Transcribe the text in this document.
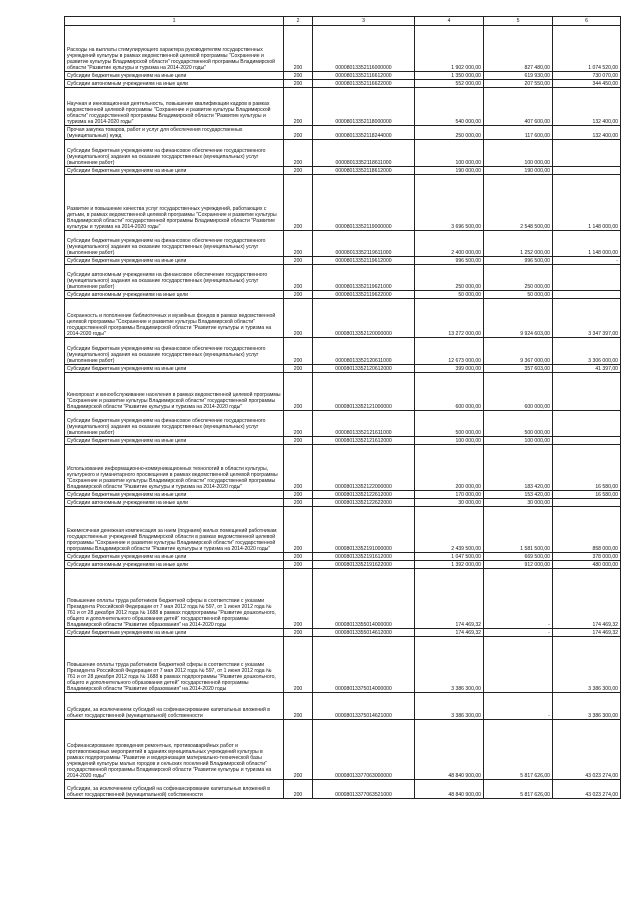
1	2	3	4	5	6
Расходы на выплаты стимулирующего характера руководителям государственных учреждений культуры в рамках ведомственной целевой программы "Сохранение и развитие культуры Владимирской области" государственной программы Владимирской области "Развитие культуры и туризма на 2014-2020 годы"	200	00008013352116000000	1 902 000,00	827 480,00	1 074 520,00
Субсидии бюджетным учреждениям на иные цели	200	00008013352116612000	1 350 000,00	619 930,00	730 070,00
Субсидии автономным учреждениям на иные цели	200	00008013352116622000	552 000,00	207 550,00	344 450,00
Научная и инновационная деятельность, повышение квалификации кадров в рамках ведомственной целевой программы "Сохранение и развитие культуры Владимирской области" государственной программы Владимирской области "Развитие культуры и туризма на 2014-2020 годы"	200	00008013352118000000	540 000,00	407 600,00	132 400,00
Прочая закупка товаров, работ и услуг для обеспечения государственных (муниципальных) нужд	200	00008013352118244000	250 000,00	117 600,00	132 400,00
Субсидии бюджетным учреждениям на финансовое обеспечение государственного (муниципального) задания на оказание государственных (муниципальных) услуг (выполнение работ)	200	00008013352118611000	100 000,00	100 000,00	
Субсидии бюджетным учреждениям на иные цели	200	00008013352118612000	190 000,00	190 000,00	
Развитие и повышение качества услуг государственных учреждений, работающих с детьми, в рамках ведомственной целевой программы "Сохранение и развитие культуры Владимирской области" государственной программы Владимирской области "Развитие культуры и туризма на 2014-2020 годы"	200	00008013352119000000	3 696 500,00	2 548 500,00	1 148 000,00
Субсидии бюджетным учреждениям на финансовое обеспечение государственного (муниципального) задания на оказание государственных (муниципальных) услуг (выполнение работ)	200	00008013352119611000	2 400 000,00	1 252 000,00	1 148 000,00
Субсидии бюджетным учреждениям на иные цели	200	00008013352119612000	996 500,00	996 500,00	-
Субсидии автономным учреждениям на финансовое обеспечение государственного (муниципального) задания на оказание государственных (муниципальных) услуг (выполнение работ)	200	00008013352119621000	250 000,00	250 000,00	
Субсидии автономным учреждениям на иные цели	200	00008013352119622000	50 000,00	50 000,00	
Сохранность и пополнение библиотечных и музейных фондов в рамках ведомственной целевой программы "Сохранение и развитие культуры Владимирской области" государственной программы Владимирской области "Развитие культуры и туризма на 2014-2020 годы"	200	00008013352120000000	13 272 000,00	9 924 603,00	3 347 397,00
Субсидии бюджетным учреждениям на финансовое обеспечение государственного (муниципального) задания на оказание государственных (муниципальных) услуг (выполнение работ)	200	00008013352120611000	12 673 000,00	9 367 000,00	3 306 000,00
Субсидии бюджетным учреждениям на иные цели	200	00008013352120612000	399 000,00	357 603,00	41 397,00
Кинопрокат и кинообслуживание населения в рамках ведомственной целевой программы "Сохранение и развитие культуры Владимирской области" государственной программы Владимирской области "Развитие культуры и туризма на 2014-2020 годы"	200	00008013352121000000	600 000,00	600 000,00	
Субсидии бюджетным учреждениям на финансовое обеспечение государственного (муниципального) задания на оказание государственных (муниципальных) услуг (выполнение работ)	200	00008013352121611000	500 000,00	500 000,00	
Субсидии бюджетным учреждениям на иные цели	200	00008013352121612000	100 000,00	100 000,00	
Использование информационно-коммуникационных технологий в области культуры, культурного и гуманитарного просвещения в рамках ведомственной целевой программы "Сохранение и развитие культуры Владимирской области" государственной программы Владимирской области "Развитие культуры и туризма на 2014-2020 годы"	200	00008013352122000000	200 000,00	183 420,00	16 580,00
Субсидии бюджетным учреждениям на иные цели	200	00008013352122612000	170 000,00	153 420,00	16 580,00
Субсидии автономным учреждениям на иные цели	200	00008013352122622000	30 000,00	30 000,00	
Ежемесячная денежная компенсация за наем (поднаем) жилых помещений работникам государственных учреждений Владимирской области в рамках ведомственной целевой программы "Сохранение и развитие культуры Владимирской области" государственной программы Владимирской области "Развитие культуры и туризма на 2014-2020 годы"	200	00008013352191000000	2 439 500,00	1 581 500,00	858 000,00
Субсидии бюджетным учреждениям на иные цели	200	00008013352191612000	1 047 500,00	669 500,00	378 000,00
Субсидии автономным учреждениям на иные цели	200	00008013352191622000	1 392 000,00	912 000,00	480 000,00
Повышение оплаты труда работников бюджетной сферы в соответствии с указами Президента Российской Федерации от 7 мая 2012 года № 597, от 1 июня 2012 года № 761 и от 28 декабря 2012 года № 1688 в рамках подпрограммы "Развитие дошкольного, общего и дополнительного образования детей" государственной программы Владимирской области "Развитие образования" на 2014-2020 годы	200	00008013355014000000	174 469,32	-	174 469,32
Субсидии бюджетным учреждениям на иные цели	200	00008013355014612000	174 469,32	-	174 469,32
Повышение оплаты труда работников бюджетной сферы в соответствии с указами Президента Российской Федерации от 7 мая 2012 года № 597, от 1 июня 2012 года № 761 и от 28 декабря 2012 года № 1688 в рамках подпрограммы "Развитие дошкольного, общего и дополнительного образования детей" государственной программы Владимирской области "Развитие образования" на 2014-2020 годы	200	00008013375014000000	3 386 300,00		3 386 300,00
Субсидии, за исключением субсидий на софинансирование капитальных вложений в объект государственной (муниципальной) собственности	200	00008013375014621000	3 386 300,00	-	3 386 300,00
Софинансирование проведения ремонтных, противоаварийных работ и противопожарных мероприятий в зданиях муниципальных учреждений культуры в рамках подпрограммы "Развитие и модернизация материально-технической базы учреждений культуры малых городов и сельских поселений Владимирской области" государственной программы Владимирской области "Развитие культуры и туризма на 2014-2020 годы"	200	00008013377063000000	48 840 900,00	5 817 626,00	43 023 274,00
Субсидии, за исключением субсидий на софинансирование капитальных вложений в объект государственной (муниципальной) собственности	200	00008013377063521000	48 840 900,00	5 817 626,00	43 023 274,00
